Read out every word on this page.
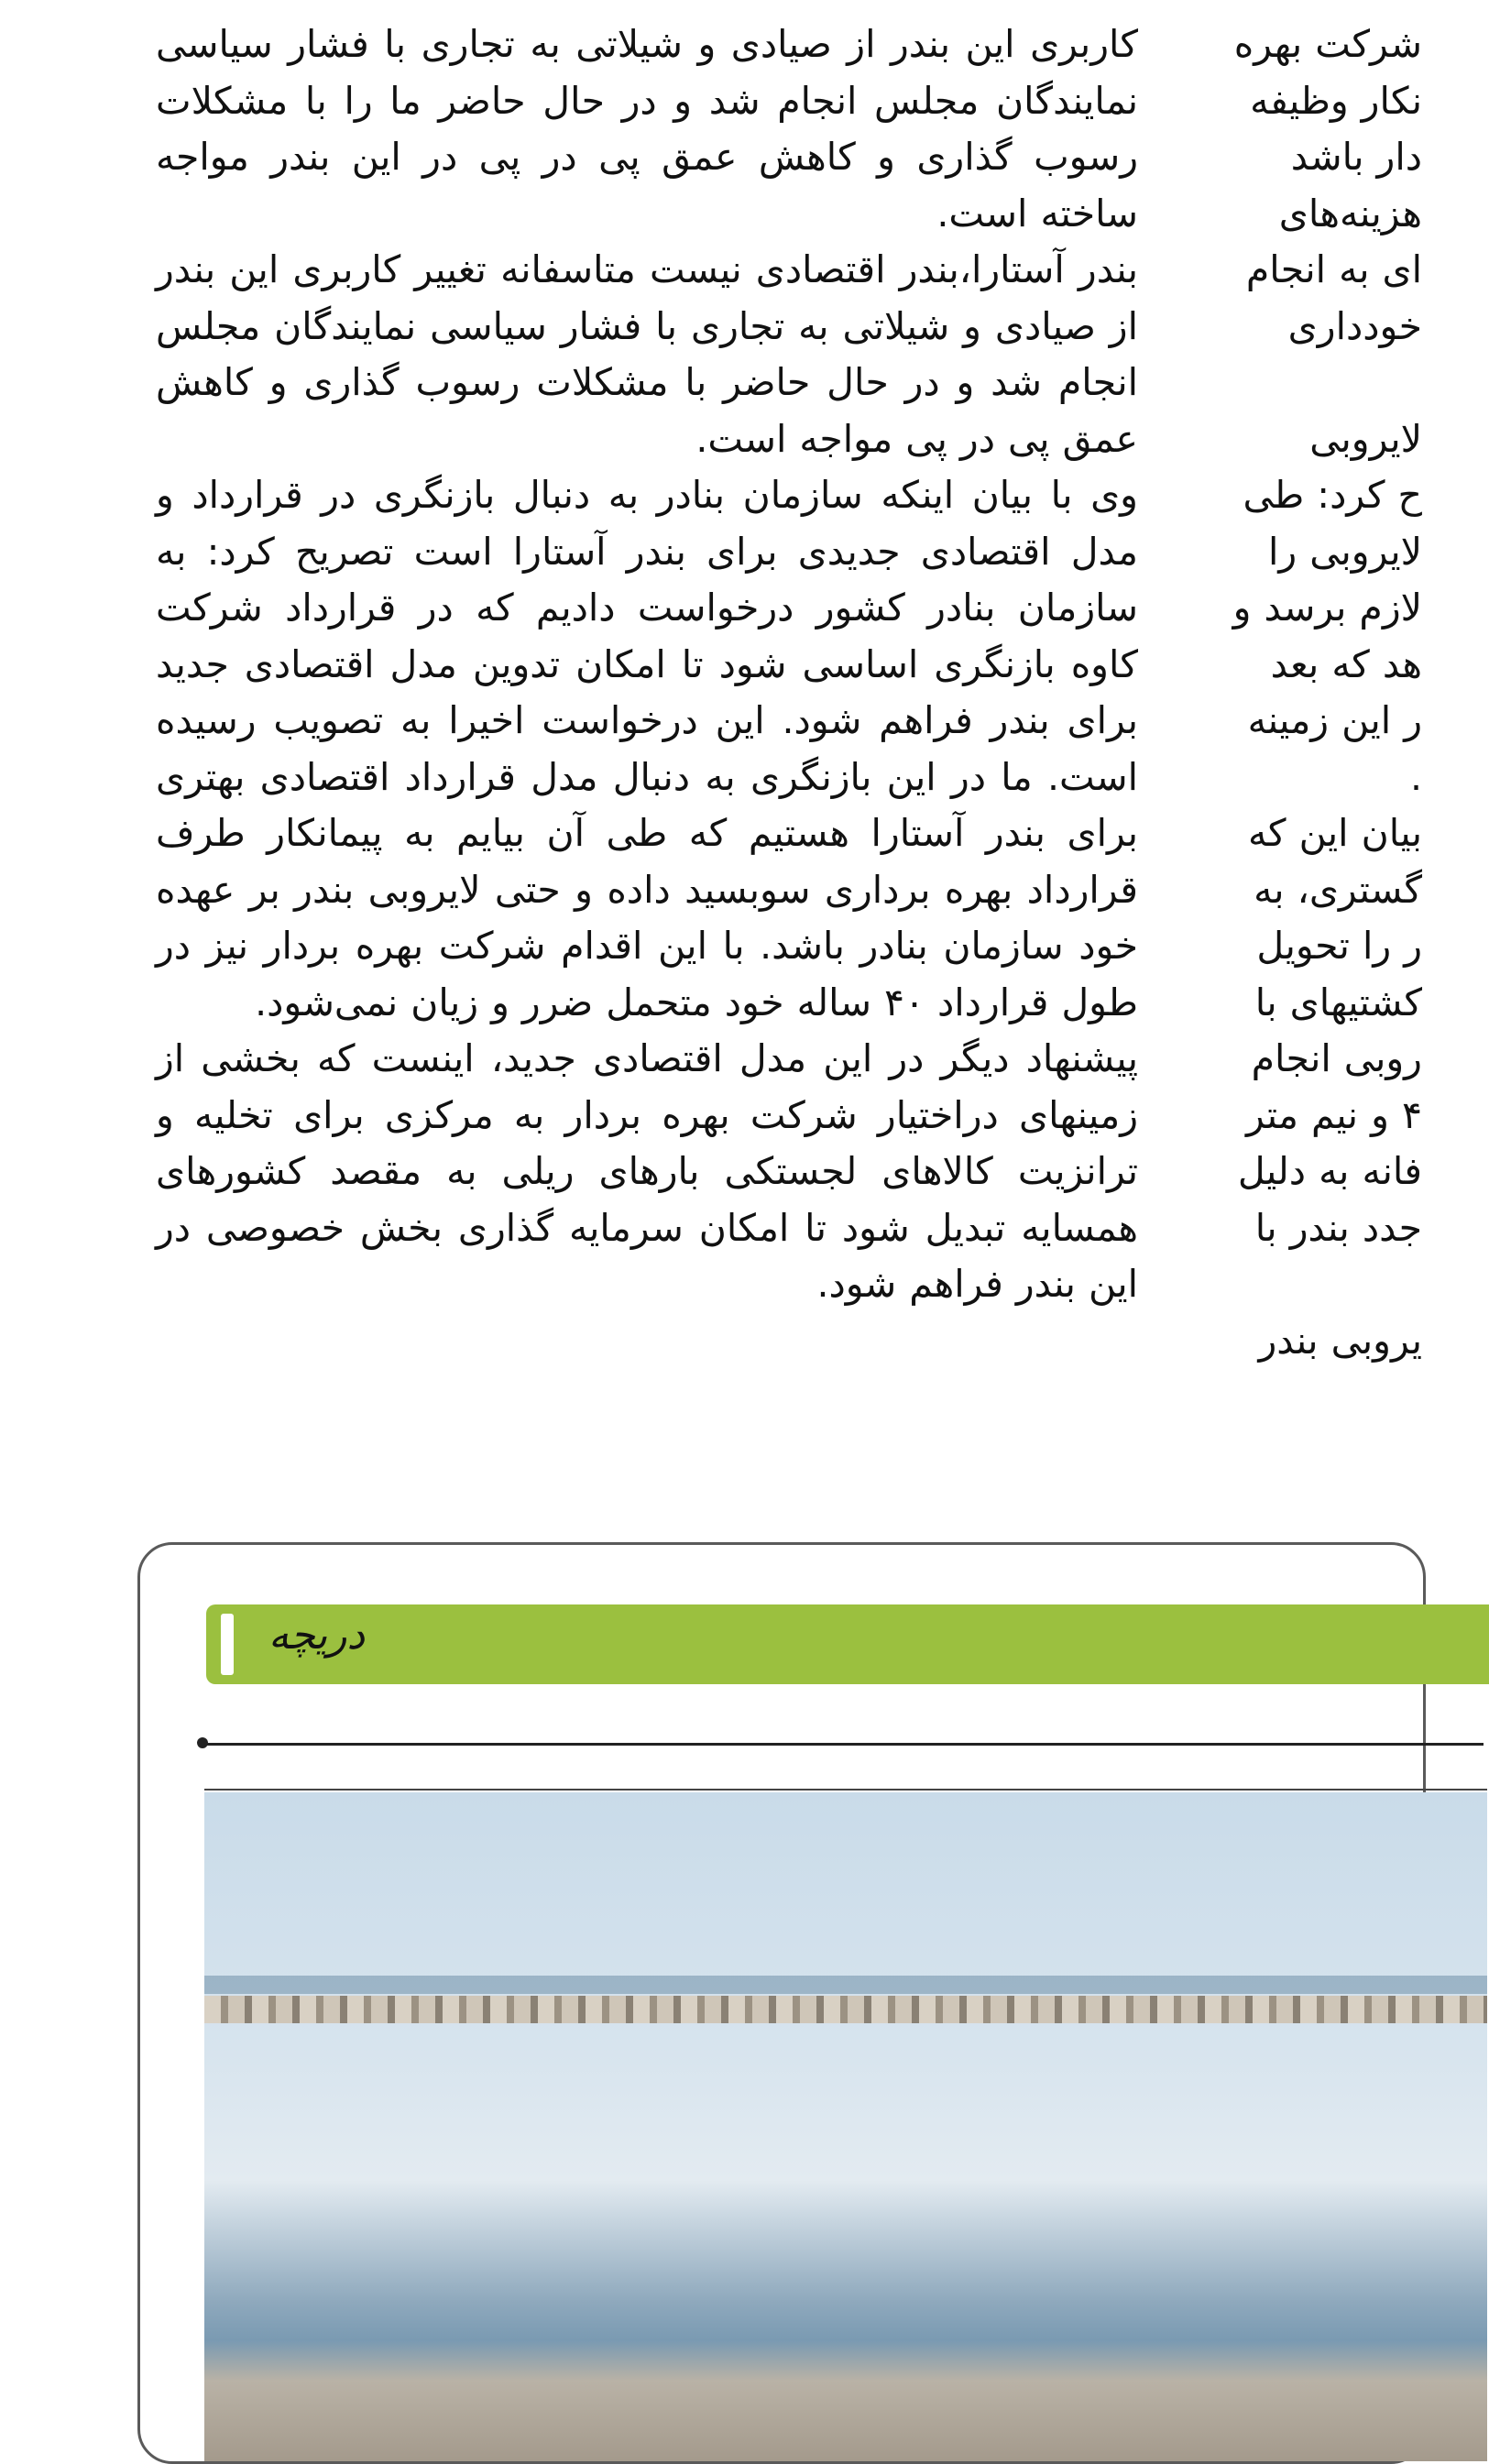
کاربری این بندر از صیادی و شیلاتی به تجاری با فشار سیاسی نمایندگان مجلس انجام شد و در حال حاضر ما را با مشکلات رسوب گذاری و کاهش عمق پی در پی در این بندر مواجه ساخته است.

بندر آستارا،بندر اقتصادی نیست متاسفانه تغییر کاربری این بندر از صیادی و شیلاتی به تجاری با فشار سیاسی نمایندگان مجلس انجام شد و در حال حاضر با مشکلات رسوب گذاری و کاهش عمق پی در پی مواجه است.

وی با بیان اینکه سازمان بنادر به دنبال بازنگری در قرارداد و مدل اقتصادی جدیدی برای بندر آستارا است تصریح کرد: به سازمان بنادر کشور درخواست دادیم که در قرارداد شرکت کاوه بازنگری اساسی شود تا امکان تدوین مدل اقتصادی جدید برای بندر فراهم شود. این درخواست اخیرا به تصویب رسیده است. ما در این بازنگری به دنبال مدل قرارداد اقتصادی بهتری برای بندر آستارا هستیم که طی آن بیایم به پیمانکار طرف قرارداد بهره برداری سوبسید داده و حتی لایروبی بندر بر عهده خود سازمان بنادر باشد. با این اقدام شرکت بهره بردار نیز در طول قرارداد ۴۰ ساله خود متحمل ضرر و زیان نمی‌شود.

پیشنهاد دیگر در این مدل اقتصادی جدید، اینست که بخشی از زمینهای دراختیار شرکت بهره بردار به مرکزی برای تخلیه و ترانزیت کالاهای لجستکی بارهای ریلی به مقصد کشورهای همسایه تبدیل شود تا امکان سرمایه گذاری بخش خصوصی در این بندر فراهم شود.

شرکت بهره
نکار وظیفه
دار باشد
هزینه‌های
ای به انجام
خودداری

لایروبی
ح کرد: طی
لایروبی را
لازم برسد و
هد که بعد
ر این زمینه
.
بیان این که
گستری، به
ر را تحویل
کشتیهای با
روبی انجام
۴ و نیم متر
فانه به دلیل
جدد بندر با

یروبی بندر
دریچه
